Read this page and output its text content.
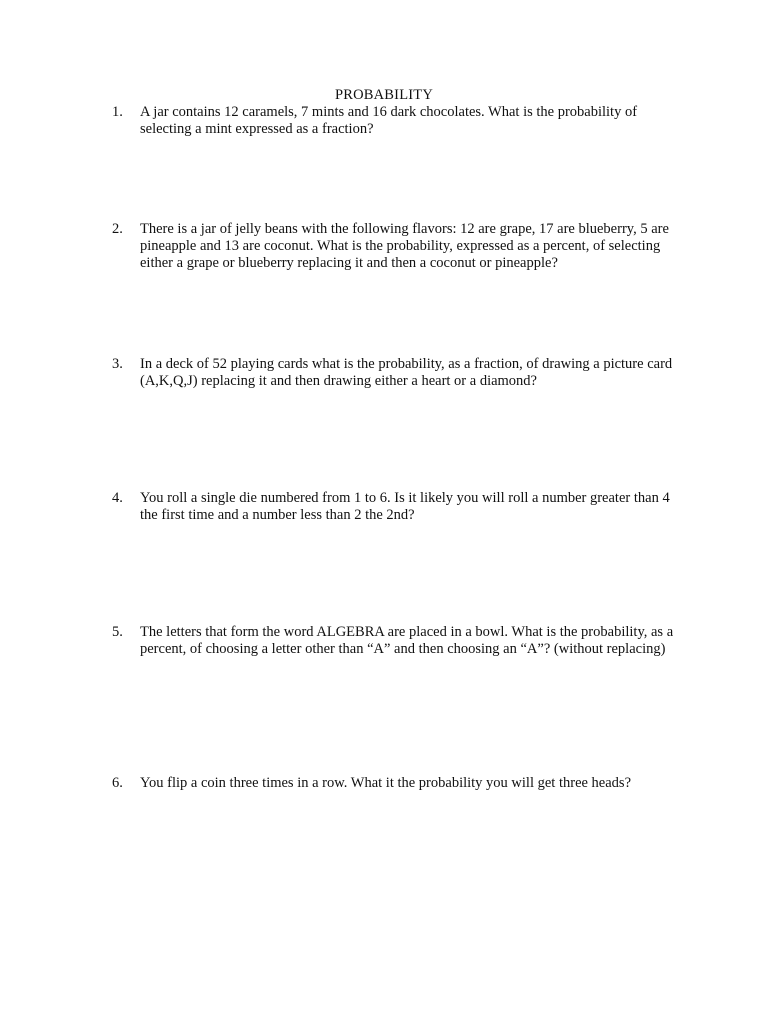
PROBABILITY
1.	A jar contains 12 caramels, 7 mints and 16 dark chocolates. What is the probability of selecting a mint expressed as a fraction?
2.	There is a jar of jelly beans with the following flavors: 12 are grape, 17 are blueberry, 5 are pineapple and 13 are coconut. What is the probability, expressed as a percent, of selecting either a grape or blueberry replacing it and then a coconut or pineapple?
3.	In a deck of 52 playing cards what is the probability, as a fraction, of drawing a picture card (A,K,Q,J) replacing it and then drawing either a heart or a diamond?
4.	You roll a single die numbered from 1 to 6. Is it likely you will roll a number greater than 4 the first time and a number less than 2 the 2nd?
5.	The letters that form the word ALGEBRA are placed in a bowl. What is the probability, as a percent, of choosing a letter other than “A” and then choosing an “A”? (without replacing)
6.	You flip a coin three times in a row. What it the probability you will get three heads?
